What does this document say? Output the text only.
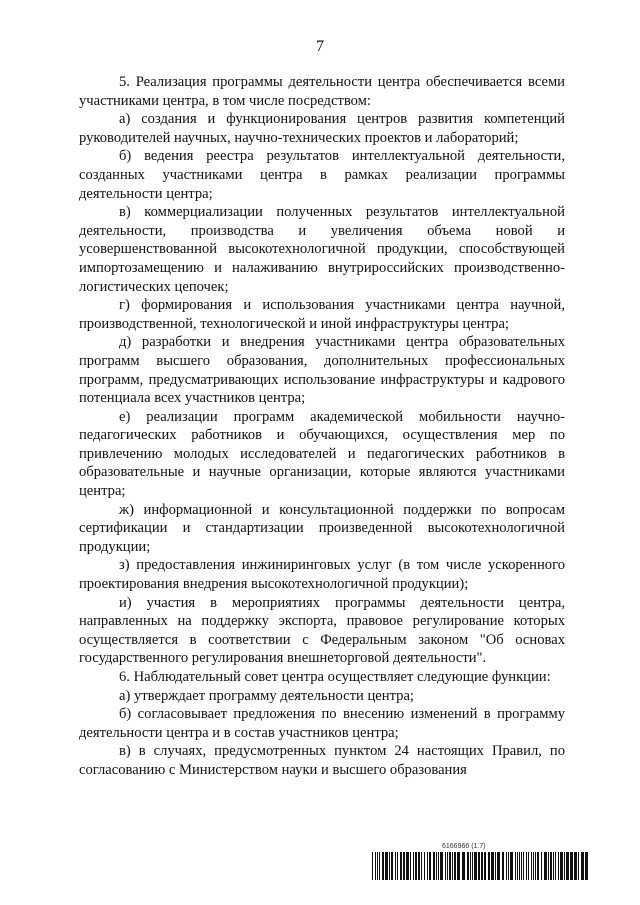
7

5. Реализация программы деятельности центра обеспечивается всеми участниками центра, в том числе посредством:

а) создания и функционирования центров развития компетенций руководителей научных, научно-технических проектов и лабораторий;

б) ведения реестра результатов интеллектуальной деятельности, созданных участниками центра в рамках реализации программы деятельности центра;

в) коммерциализации полученных результатов интеллектуальной деятельности, производства и увеличения объема новой и усовершенствованной высокотехнологичной продукции, способствующей импортозамещению и налаживанию внутрироссийских производственно-логистических цепочек;

г) формирования и использования участниками центра научной, производственной, технологической и иной инфраструктуры центра;

д) разработки и внедрения участниками центра образовательных программ высшего образования, дополнительных профессиональных программ, предусматривающих использование инфраструктуры и кадрового потенциала всех участников центра;

е) реализации программ академической мобильности научно-педагогических работников и обучающихся, осуществления мер по привлечению молодых исследователей и педагогических работников в образовательные и научные организации, которые являются участниками центра;

ж) информационной и консультационной поддержки по вопросам сертификации и стандартизации произведенной высокотехнологичной продукции;

з) предоставления инжиниринговых услуг (в том числе ускоренного проектирования внедрения высокотехнологичной продукции);

и) участия в мероприятиях программы деятельности центра, направленных на поддержку экспорта, правовое регулирование которых осуществляется в соответствии с Федеральным законом "Об основах государственного регулирования внешнеторговой деятельности".

6. Наблюдательный совет центра осуществляет следующие функции:

а) утверждает программу деятельности центра;

б) согласовывает предложения по внесению изменений в программу деятельности центра и в состав участников центра;

в) в случаях, предусмотренных пунктом 24 настоящих Правил, по согласованию с Министерством науки и высшего образования

6166966 (1.7)
